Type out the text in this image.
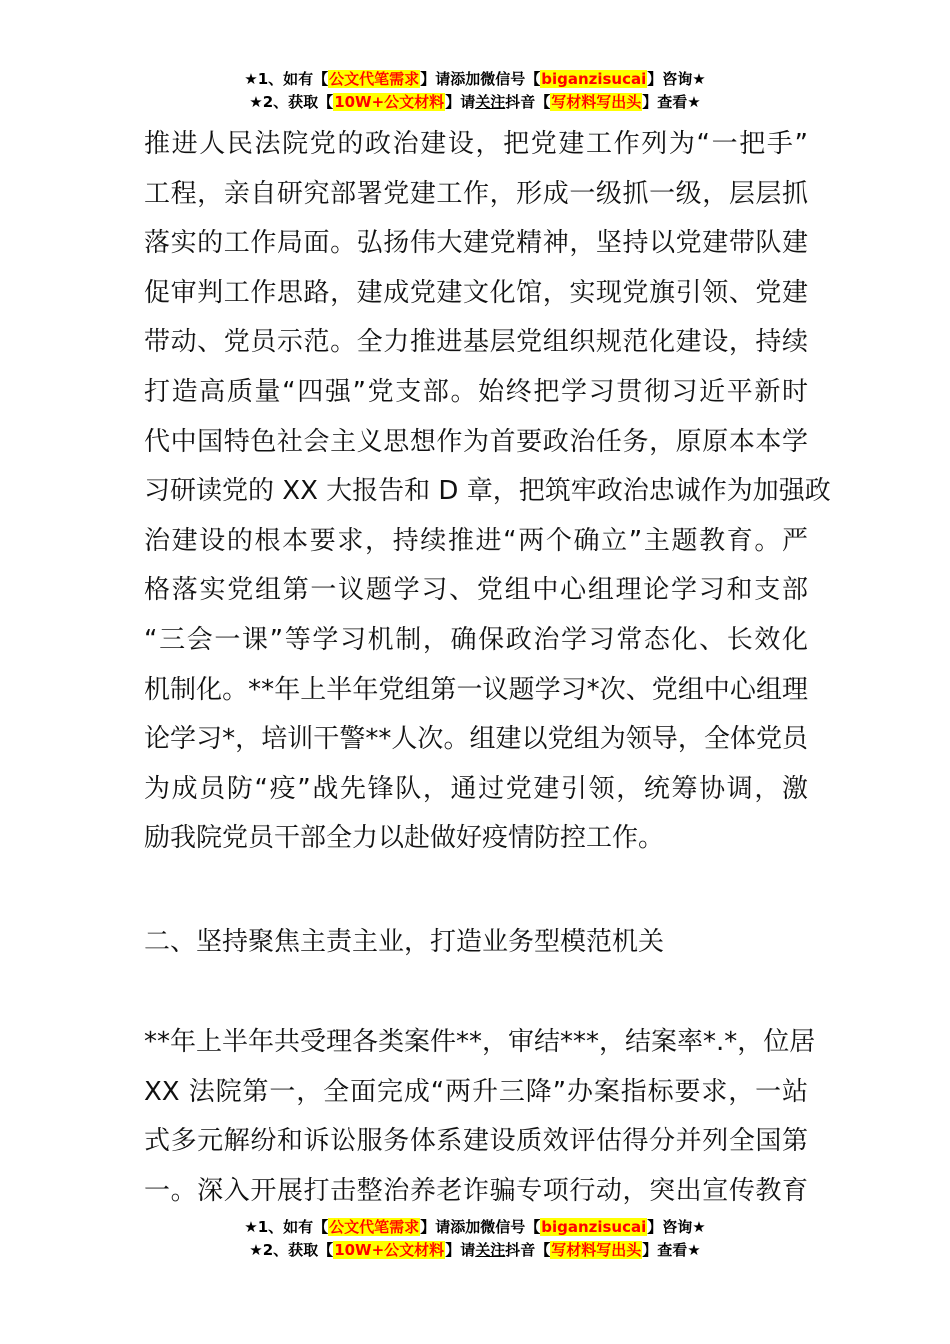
★1、如有【公文代笔需求】请添加微信号【biganzisucai】咨询★
★2、获取【10W+公文材料】请关注抖音【写材料写出头】查看★
推进人民法院党的政治建设，把党建工作列为“一把手”
工程，亲自研究部署党建工作，形成一级抓一级，层层抓
落实的工作局面。弘扬伟大建党精神，坚持以党建带队建
促审判工作思路，建成党建文化馆，实现党旗引领、党建
带动、党员示范。全力推进基层党组织规范化建设，持续
打造高质量“四强”党支部。始终把学习贯彻习近平新时
代中国特色社会主义思想作为首要政治任务，原原本本学
习研读党的 XX 大报告和 D 章，把筑牢政治忠诚作为加强政
治建设的根本要求，持续推进“两个确立”主题教育。严
格落实党组第一议题学习、党组中心组理论学习和支部
“三会一课”等学习机制，确保政治学习常态化、长效化
机制化。**年上半年党组第一议题学习*次、党组中心组理
论学习*，培训干警**人次。组建以党组为领导，全体党员
为成员防“疫”战先锋队，通过党建引领，统筹协调，激
励我院党员干部全力以赴做好疫情防控工作。
二、坚持聚焦主责主业，打造业务型模范机关
**年上半年共受理各类案件**，审结***，结案率*.*，位居
XX 法院第一，全面完成“两升三降”办案指标要求，一站
式多元解纷和诉讼服务体系建设质效评估得分并列全国第
一。深入开展打击整治养老诈骗专项行动，突出宣传教育
★1、如有【公文代笔需求】请添加微信号【biganzisucai】咨询★
★2、获取【10W+公文材料】请关注抖音【写材料写出头】查看★
